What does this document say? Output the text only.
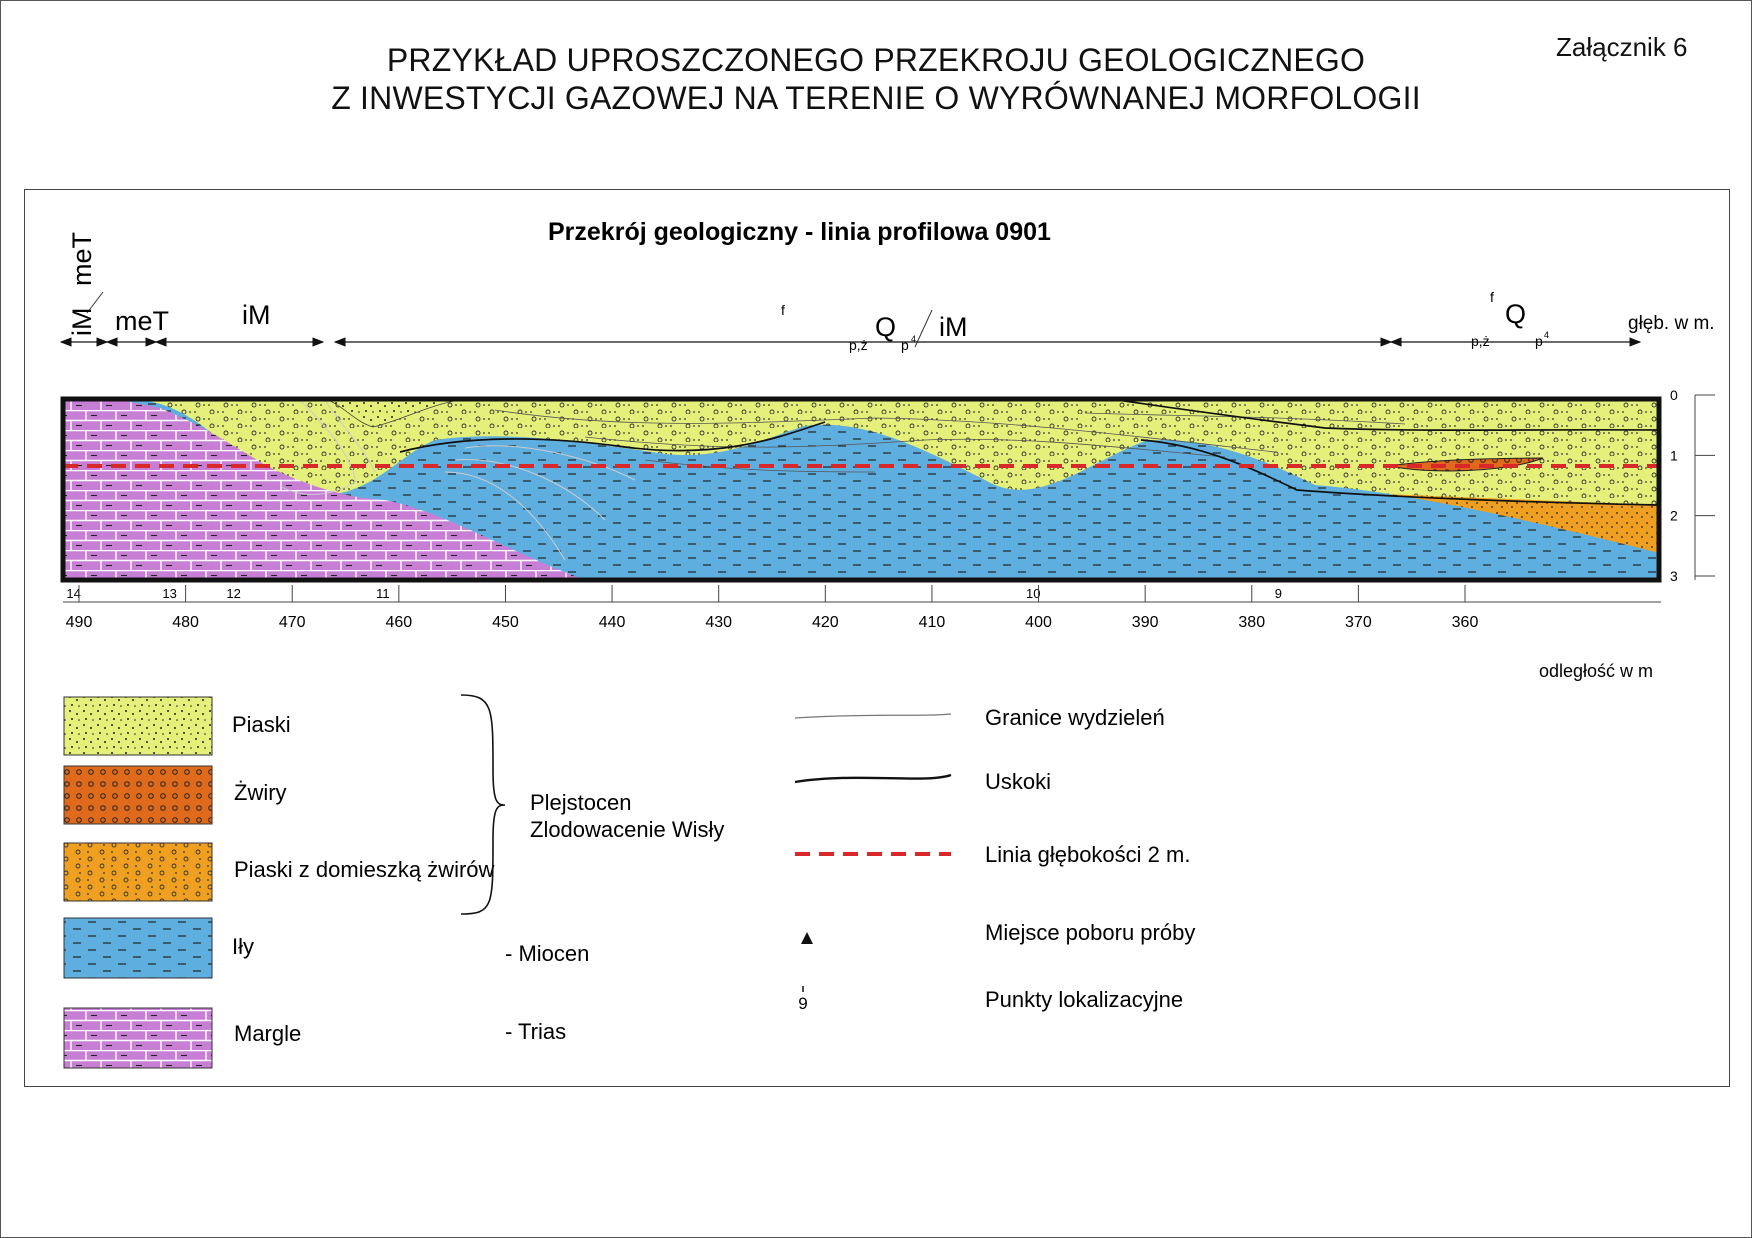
Załącznik 6
PRZYKŁAD UPROSZCZONEGO PRZEKROJU GEOLOGICZNEGO
Z INWESTYCJI GAZOWEJ NA TERENIE O WYRÓWNANEJ MORFOLOGII
Przekrój geologiczny - linia profilowa 0901
meT
iM meT	iM	f
Q
p,ż p 4 iM
f
Q
p,ż	p 4
głęb. w m.
0
1
2
3
14	13	12	11	10	9
odległość w m
490	480	470	460	450	440	430	420	410	400	390	380	370	360
Piaski
Żwiry
Piaski z domieszką żwirów
Iły
Margle
Plejstocen
Zlodowacenie Wisły
- Miocen
- Trias
9
Granice wydzieleń
Uskoki
Linia głębokości 2 m.
Miejsce poboru próby
Punkty lokalizacyjne
